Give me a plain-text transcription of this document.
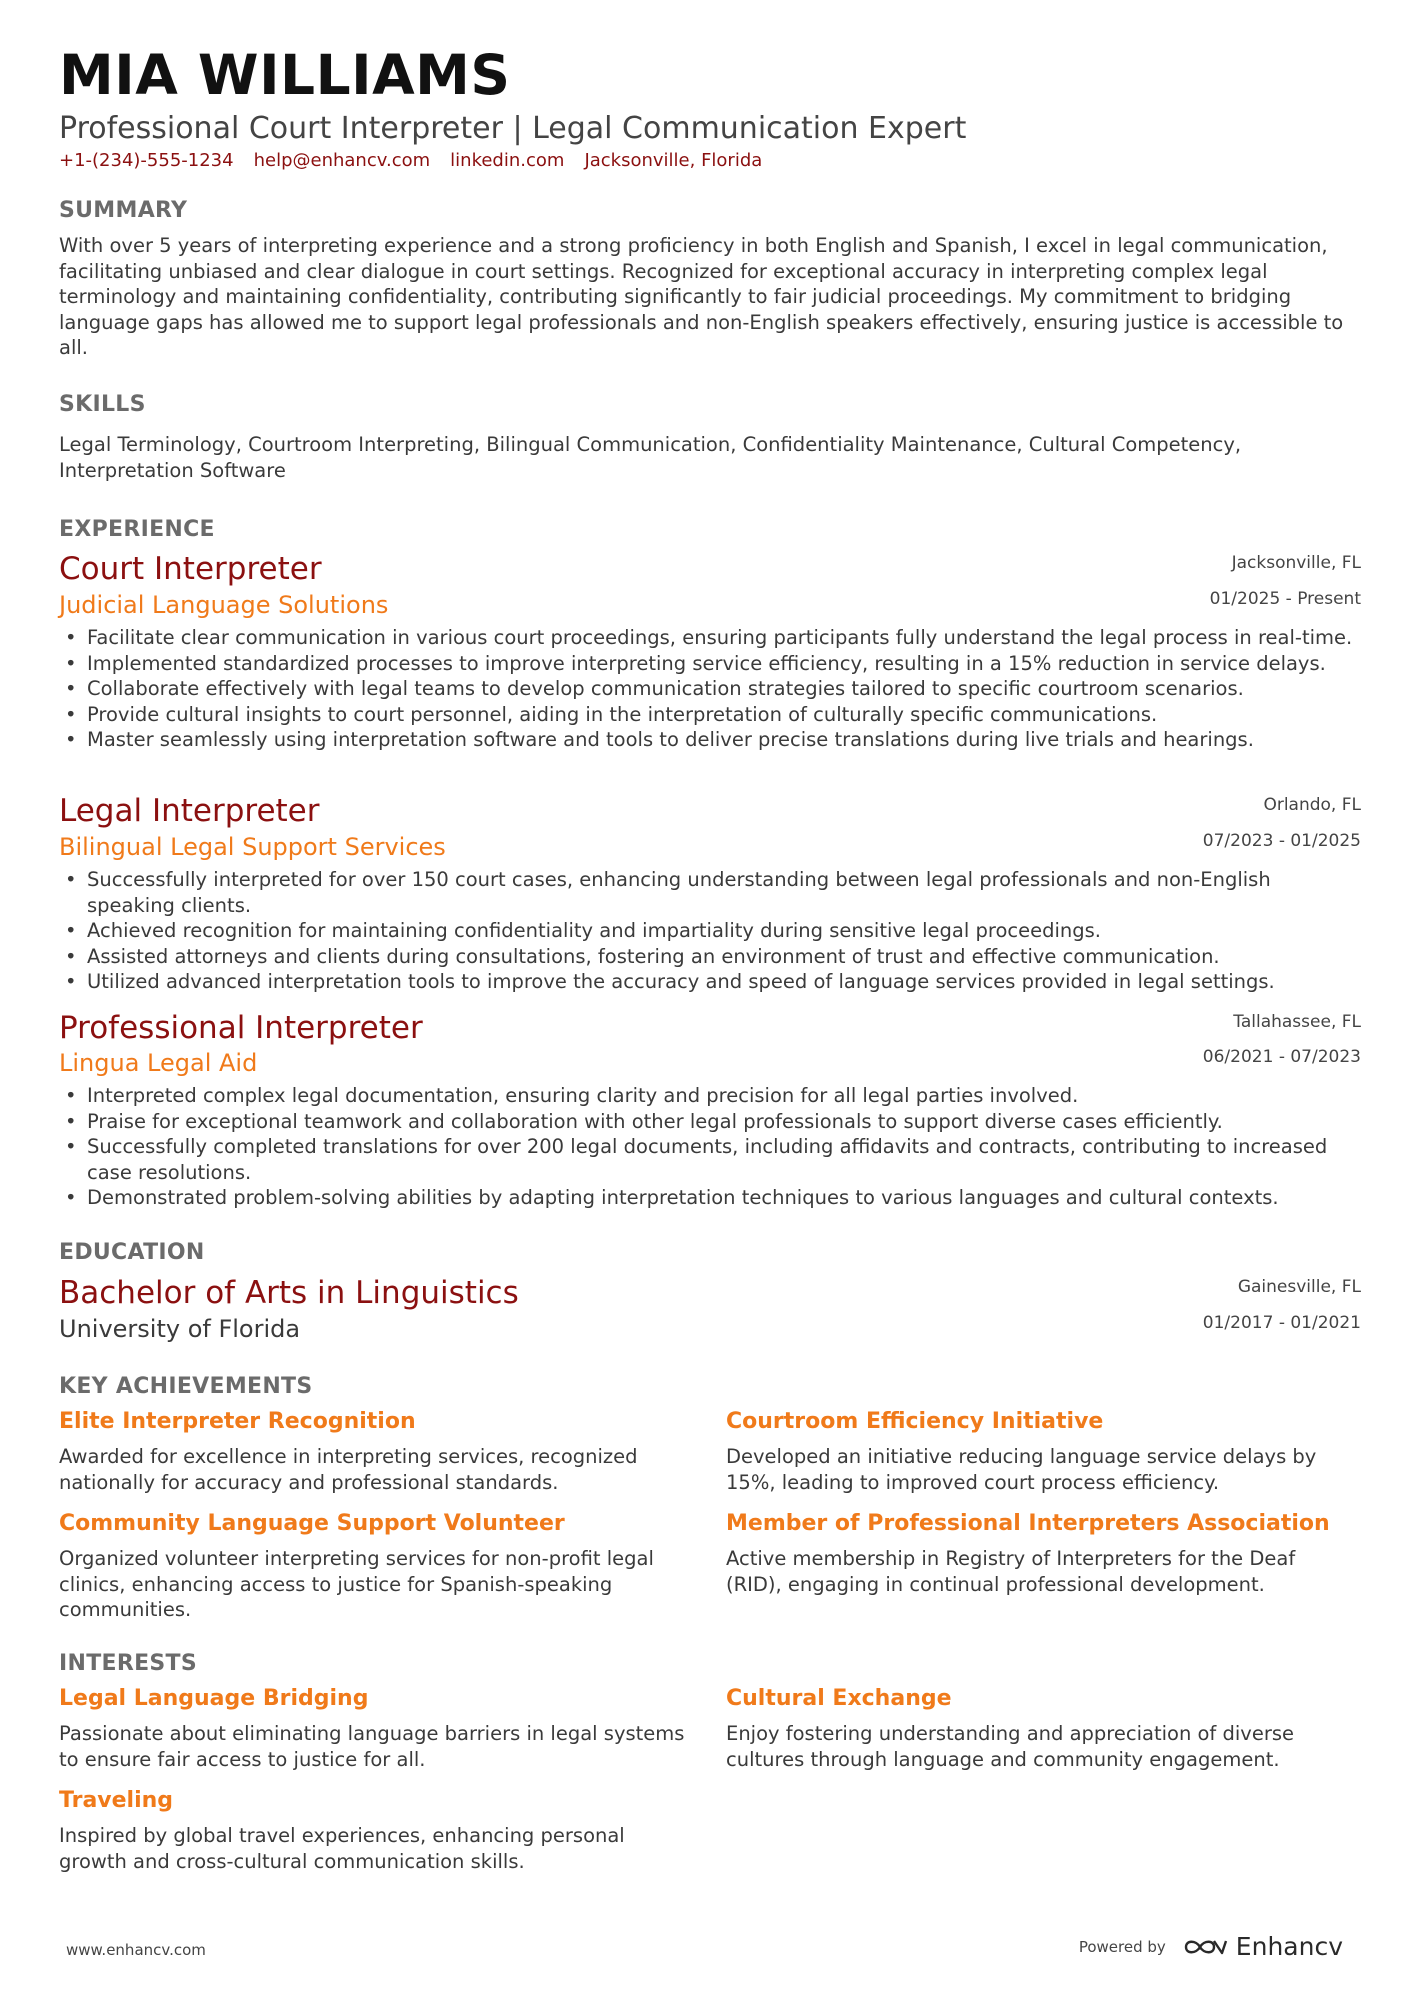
MIA WILLIAMS
Professional Court Interpreter | Legal Communication Expert
+1-(234)-555-1234 help@enhancv.com linkedin.com Jacksonville, Florida
SUMMARY
With over 5 years of interpreting experience and a strong proficiency in both English and Spanish, I excel in legal communication, facilitating unbiased and clear dialogue in court settings. Recognized for exceptional accuracy in interpreting complex legal terminology and maintaining confidentiality, contributing significantly to fair judicial proceedings. My commitment to bridging language gaps has allowed me to support legal professionals and non-English speakers effectively, ensuring justice is accessible to all.
SKILLS
Legal Terminology, Courtroom Interpreting, Bilingual Communication, Confidentiality Maintenance, Cultural Competency, Interpretation Software
EXPERIENCE
Court Interpreter	Jacksonville, FL
Judicial Language Solutions	01/2025 - Present
• Facilitate clear communication in various court proceedings, ensuring participants fully understand the legal process in real-time.
• Implemented standardized processes to improve interpreting service efficiency, resulting in a 15% reduction in service delays.
• Collaborate effectively with legal teams to develop communication strategies tailored to specific courtroom scenarios.
• Provide cultural insights to court personnel, aiding in the interpretation of culturally specific communications.
• Master seamlessly using interpretation software and tools to deliver precise translations during live trials and hearings.
Legal Interpreter	Orlando, FL
Bilingual Legal Support Services	07/2023 - 01/2025
• Successfully interpreted for over 150 court cases, enhancing understanding between legal professionals and non-English speaking clients.
• Achieved recognition for maintaining confidentiality and impartiality during sensitive legal proceedings.
• Assisted attorneys and clients during consultations, fostering an environment of trust and effective communication.
• Utilized advanced interpretation tools to improve the accuracy and speed of language services provided in legal settings.
Professional Interpreter	Tallahassee, FL
Lingua Legal Aid	06/2021 - 07/2023
• Interpreted complex legal documentation, ensuring clarity and precision for all legal parties involved.
• Praise for exceptional teamwork and collaboration with other legal professionals to support diverse cases efficiently.
• Successfully completed translations for over 200 legal documents, including affidavits and contracts, contributing to increased case resolutions.
• Demonstrated problem-solving abilities by adapting interpretation techniques to various languages and cultural contexts.
EDUCATION
Bachelor of Arts in Linguistics	Gainesville, FL
University of Florida	01/2017 - 01/2021
KEY ACHIEVEMENTS
Elite Interpreter Recognition
Awarded for excellence in interpreting services, recognized nationally for accuracy and professional standards.
Courtroom Efficiency Initiative
Developed an initiative reducing language service delays by 15%, leading to improved court process efficiency.
Community Language Support Volunteer
Organized volunteer interpreting services for non-profit legal clinics, enhancing access to justice for Spanish-speaking communities.
Member of Professional Interpreters Association
Active membership in Registry of Interpreters for the Deaf (RID), engaging in continual professional development.
INTERESTS
Legal Language Bridging
Passionate about eliminating language barriers in legal systems to ensure fair access to justice for all.
Cultural Exchange
Enjoy fostering understanding and appreciation of diverse cultures through language and community engagement.
Traveling
Inspired by global travel experiences, enhancing personal growth and cross-cultural communication skills.
www.enhancv.com	Powered by	Enhancv
